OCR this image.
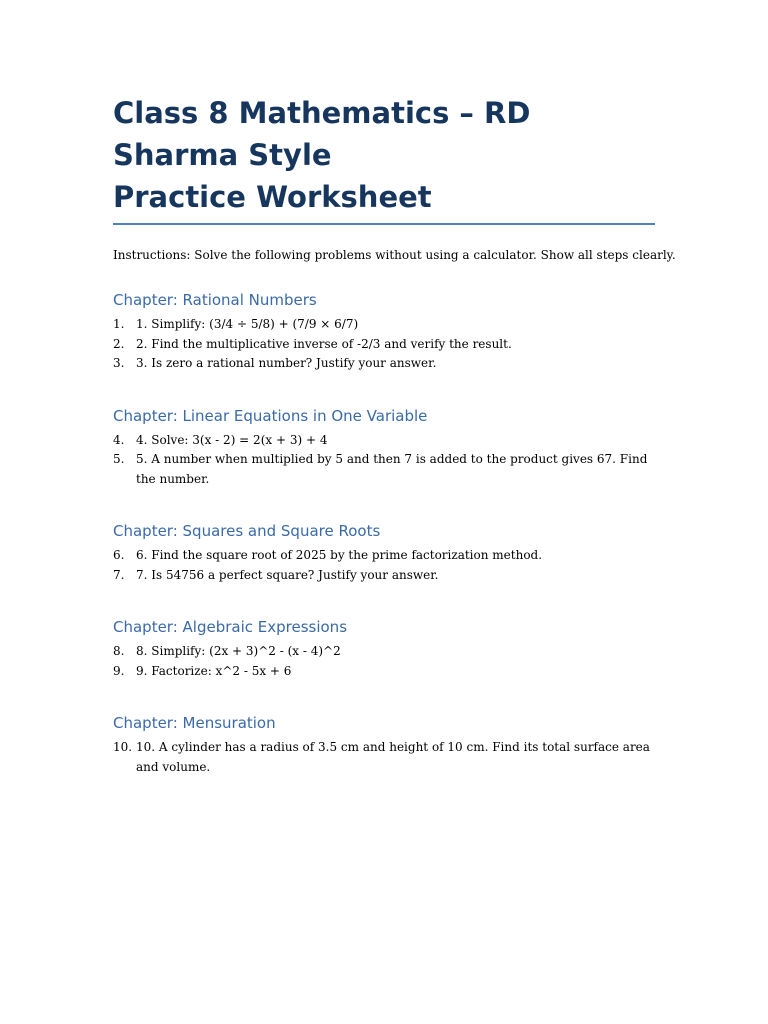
Class 8 Mathematics – RD Sharma Style
Practice Worksheet

Instructions: Solve the following problems without using a calculator. Show all steps clearly.

Chapter: Rational Numbers
1. 1. Simplify: (3/4 ÷ 5/8) + (7/9 × 6/7)
2. 2. Find the multiplicative inverse of -2/3 and verify the result.
3. 3. Is zero a rational number? Justify your answer.
Chapter: Linear Equations in One Variable
4. 4. Solve: 3(x - 2) = 2(x + 3) + 4
5. 5. A number when multiplied by 5 and then 7 is added to the product gives 67. Find the number.
Chapter: Squares and Square Roots
6. 6. Find the square root of 2025 by the prime factorization method.
7. 7. Is 54756 a perfect square? Justify your answer.
Chapter: Algebraic Expressions
8. 8. Simplify: (2x + 3)^2 - (x - 4)^2
9. 9. Factorize: x^2 - 5x + 6
Chapter: Mensuration
10. 10. A cylinder has a radius of 3.5 cm and height of 10 cm. Find its total surface area and volume.
